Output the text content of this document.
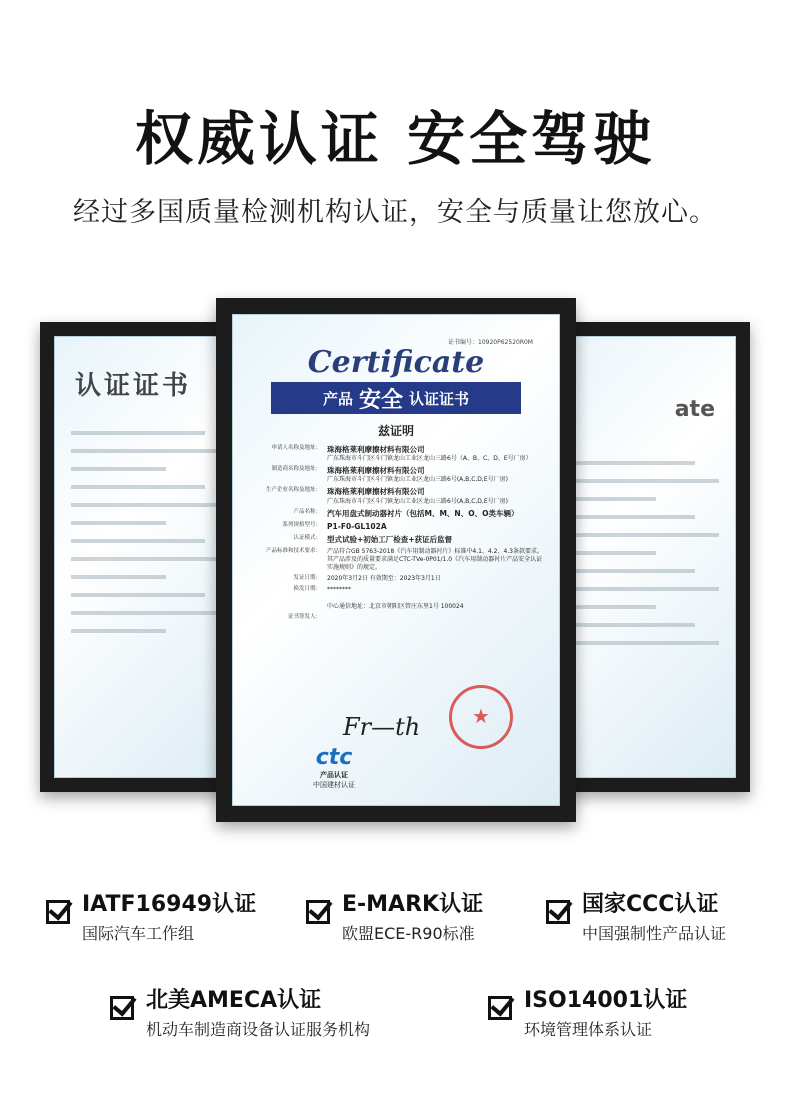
权威认证 安全驾驶
经过多国质量检测机构认证，安全与质量让您放心。
认证证书
ate
证书编号：10920P62520R0M
Certificate
产品 安全 认证证书
兹证明
申请人名称及地址： 珠海格莱利摩擦材料有限公司
广东珠海市斗门区斗门镇龙山工业区龙山三路6号（A、B、C、D、E号厂房）
制造商名称及地址： 珠海格莱利摩擦材料有限公司
广东珠海市斗门区斗门镇龙山工业区龙山三路6号(A,B,C,D,E号厂房)
生产企业名称及地址： 珠海格莱利摩擦材料有限公司
广东珠海市斗门区斗门镇龙山工业区龙山三路6号(A,B,C,D,E号厂房)
产品名称： 汽车用盘式制动器衬片（包括M、M、N、O、O类车辆）
系列规格型号： P1-F0-GL102A
认证模式： 型式试验+初始工厂检查+获证后监督
产品标准和技术要求：	产品符合GB 5763-2018《汽车用制动器衬片》标准中4.1、4.2、4.3条款要求。其产品涉及的质量要求满足CTC-TVe-0P01/1.0《汽车用制动器衬片产品安全认证实施规则》的规定。
发证日期：	2020年3月2日 有效期至：2023年3月1日
换发日期：	********
中心通信地址：北京市朝阳区管庄东里1号 100024
证书签发人：
Fr—th
★
ctc
产品认证
中国建材认证
IATF16949认证
国际汽车工作组
E-MARK认证
欧盟ECE-R90标准
国家CCC认证
中国强制性产品认证
北美AMECA认证
机动车制造商设备认证服务机构
ISO14001认证
环境管理体系认证
